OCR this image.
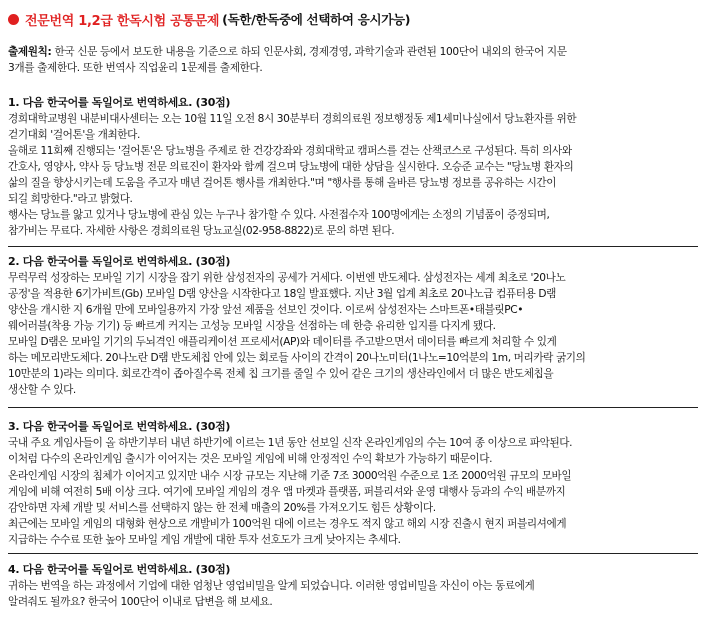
전문번역 1,2급 한독시험 공통문제 (독한/한독중에 선택하여 응시가능)

출제원칙: 한국 신문 등에서 보도한 내용을 기준으로 하되 인문사회, 경제경영, 과학기술과 관련된 100단어 내외의 한국어 지문

3개를 출제한다. 또한 번역사 직업윤리 1문제를 출제한다.

1. 다음 한국어를 독일어로 번역하세요. (30점)

경희대학교병원 내분비대사센터는 오는 10월 11일 오전 8시 30분부터 경희의료원 정보행정동 제1세미나실에서 당뇨환자를 위한

걷기대회 '걸어톤'을 개최한다.

올해로 11회째 진행되는 '걸어톤'은 당뇨병을 주제로 한 건강강좌와 경희대학교 캠퍼스를 걷는 산책코스로 구성된다. 특히 의사와

간호사, 영양사, 약사 등 당뇨병 전문 의료진이 환자와 함께 걸으며 당뇨병에 대한 상담을 실시한다. 오승준 교수는 "당뇨병 환자의

삶의 질을 향상시키는데 도움을 주고자 매년 걸어톤 행사를 개최한다."며 "행사를 통해 올바른 당뇨병 정보를 공유하는 시간이

되길 희망한다."라고 밝혔다.

행사는 당뇨를 앓고 있거나 당뇨병에 관심 있는 누구나 참가할 수 있다. 사전접수자 100명에게는 소정의 기념품이 증정되며,

참가비는 무료다. 자세한 사항은 경희의료원 당뇨교실(02-958-8822)로 문의 하면 된다.

2. 다음 한국어를 독일어로 번역하세요. (30점)

무럭무럭 성장하는 모바일 기기 시장을 잡기 위한 삼성전자의 공세가 거세다. 이번엔 반도체다. 삼성전자는 세계 최초로 '20나노

공정'을 적용한 6기가비트(Gb) 모바일 D램 양산을 시작한다고 18일 발표했다. 지난 3월 업계 최초로 20나노급 컴퓨터용 D램

양산을 개시한 지 6개월 만에 모바일용까지 가장 앞선 제품을 선보인 것이다. 이로써 삼성전자는 스마트폰•태블릿PC•

웨어러블(착용 가능 기기) 등 빠르게 커지는 고성능 모바일 시장을 선점하는 데 한층 유리한 입지를 다지게 됐다.

모바일 D램은 모바일 기기의 두뇌격인 애플리케이션 프로세서(AP)와 데이터를 주고받으면서 데이터를 빠르게 처리할 수 있게

하는 메모리반도체다. 20나노란 D램 반도체칩 안에 있는 회로들 사이의 간격이 20나노미터(1나노=10억분의 1m, 머리카락 굵기의

10만분의 1)라는 의미다. 회로간격이 좁아질수록 전체 칩 크기를 줄일 수 있어 같은 크기의 생산라인에서 더 많은 반도체칩을

생산할 수 있다.

3. 다음 한국어를 독일어로 번역하세요. (30점)

국내 주요 게임사들이 올 하반기부터 내년 하반기에 이르는 1년 동안 선보일 신작 온라인게임의 수는 10여 종 이상으로 파악된다.

이처럼 다수의 온라인게임 출시가 이어지는 것은 모바일 게임에 비해 안정적인 수익 확보가 가능하기 때문이다.

온라인게임 시장의 침체가 이어지고 있지만 내수 시장 규모는 지난해 기준 7조 3000억원 수준으로 1조 2000억원 규모의 모바일

게임에 비해 여전히 5배 이상 크다. 여기에 모바일 게임의 경우 앱 마켓과 플랫폼, 퍼블리셔와 운영 대행사 등과의 수익 배분까지

감안하면 자체 개발 및 서비스를 선택하지 않는 한 전체 매출의 20%를 가져오기도 힘든 상황이다.

최근에는 모바일 게임의 대형화 현상으로 개발비가 100억원 대에 이르는 경우도 적지 않고 해외 시장 진출시 현지 퍼블리셔에게

지급하는 수수료 또한 높아 모바일 게임 개발에 대한 투자 선호도가 크게 낮아지는 추세다.

4. 다음 한국어를 독일어로 번역하세요. (30점)

귀하는 번역을 하는 과정에서 기업에 대한 엄청난 영업비밀을 알게 되었습니다. 이러한 영업비밀을 자신이 아는 동료에게

알려줘도 될까요? 한국어 100단어 이내로 답변을 해 보세요.
